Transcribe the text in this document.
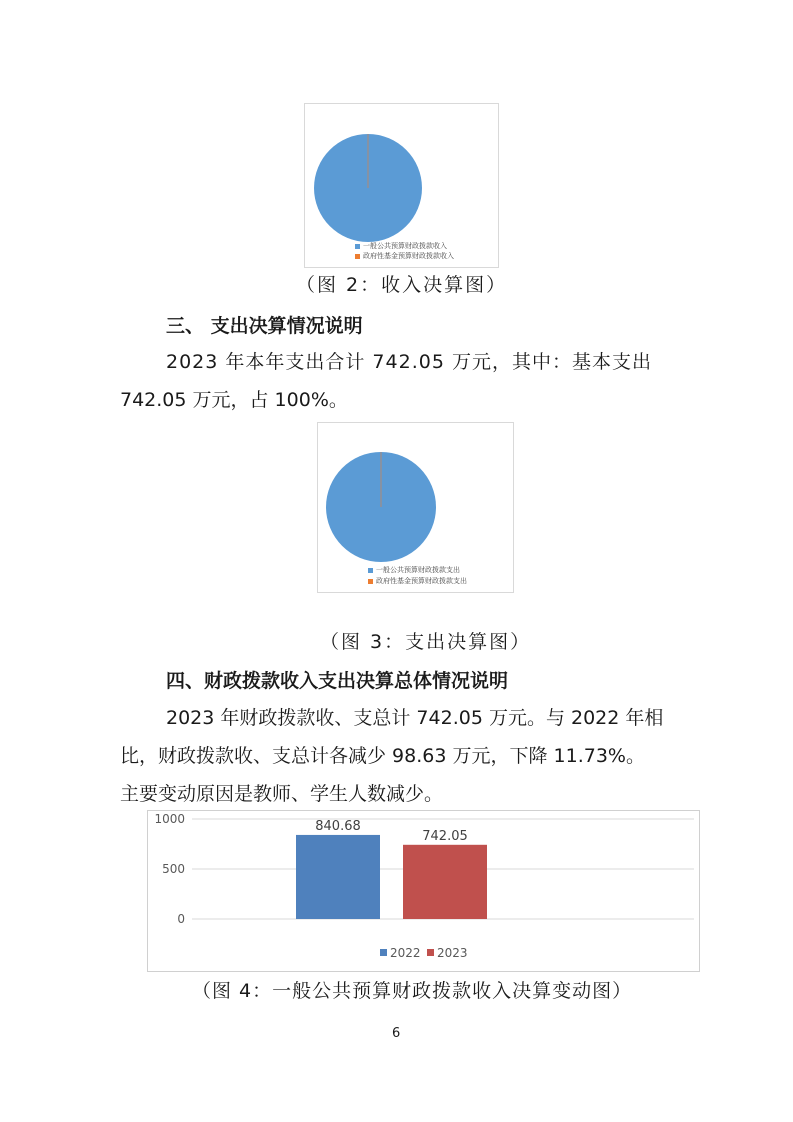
一般公共预算财政拨款收入
政府性基金预算财政拨款收入
（图 2：收入决算图）
三、 支出决算情况说明
2023 年本年支出合计 742.05 万元，其中：基本支出
742.05 万元，占 100%。
一般公共预算财政拨款支出
政府性基金预算财政拨款支出
（图 3：支出决算图）
四、财政拨款收入支出决算总体情况说明
2023 年财政拨款收、支总计 742.05 万元。与 2022 年相
比，财政拨款收、支总计各减少 98.63 万元，下降 11.73%。
主要变动原因是教师、学生人数减少。
0
500
1000	840.68
742.05
2022 2023
（图 4：一般公共预算财政拨款收入决算变动图）
6
